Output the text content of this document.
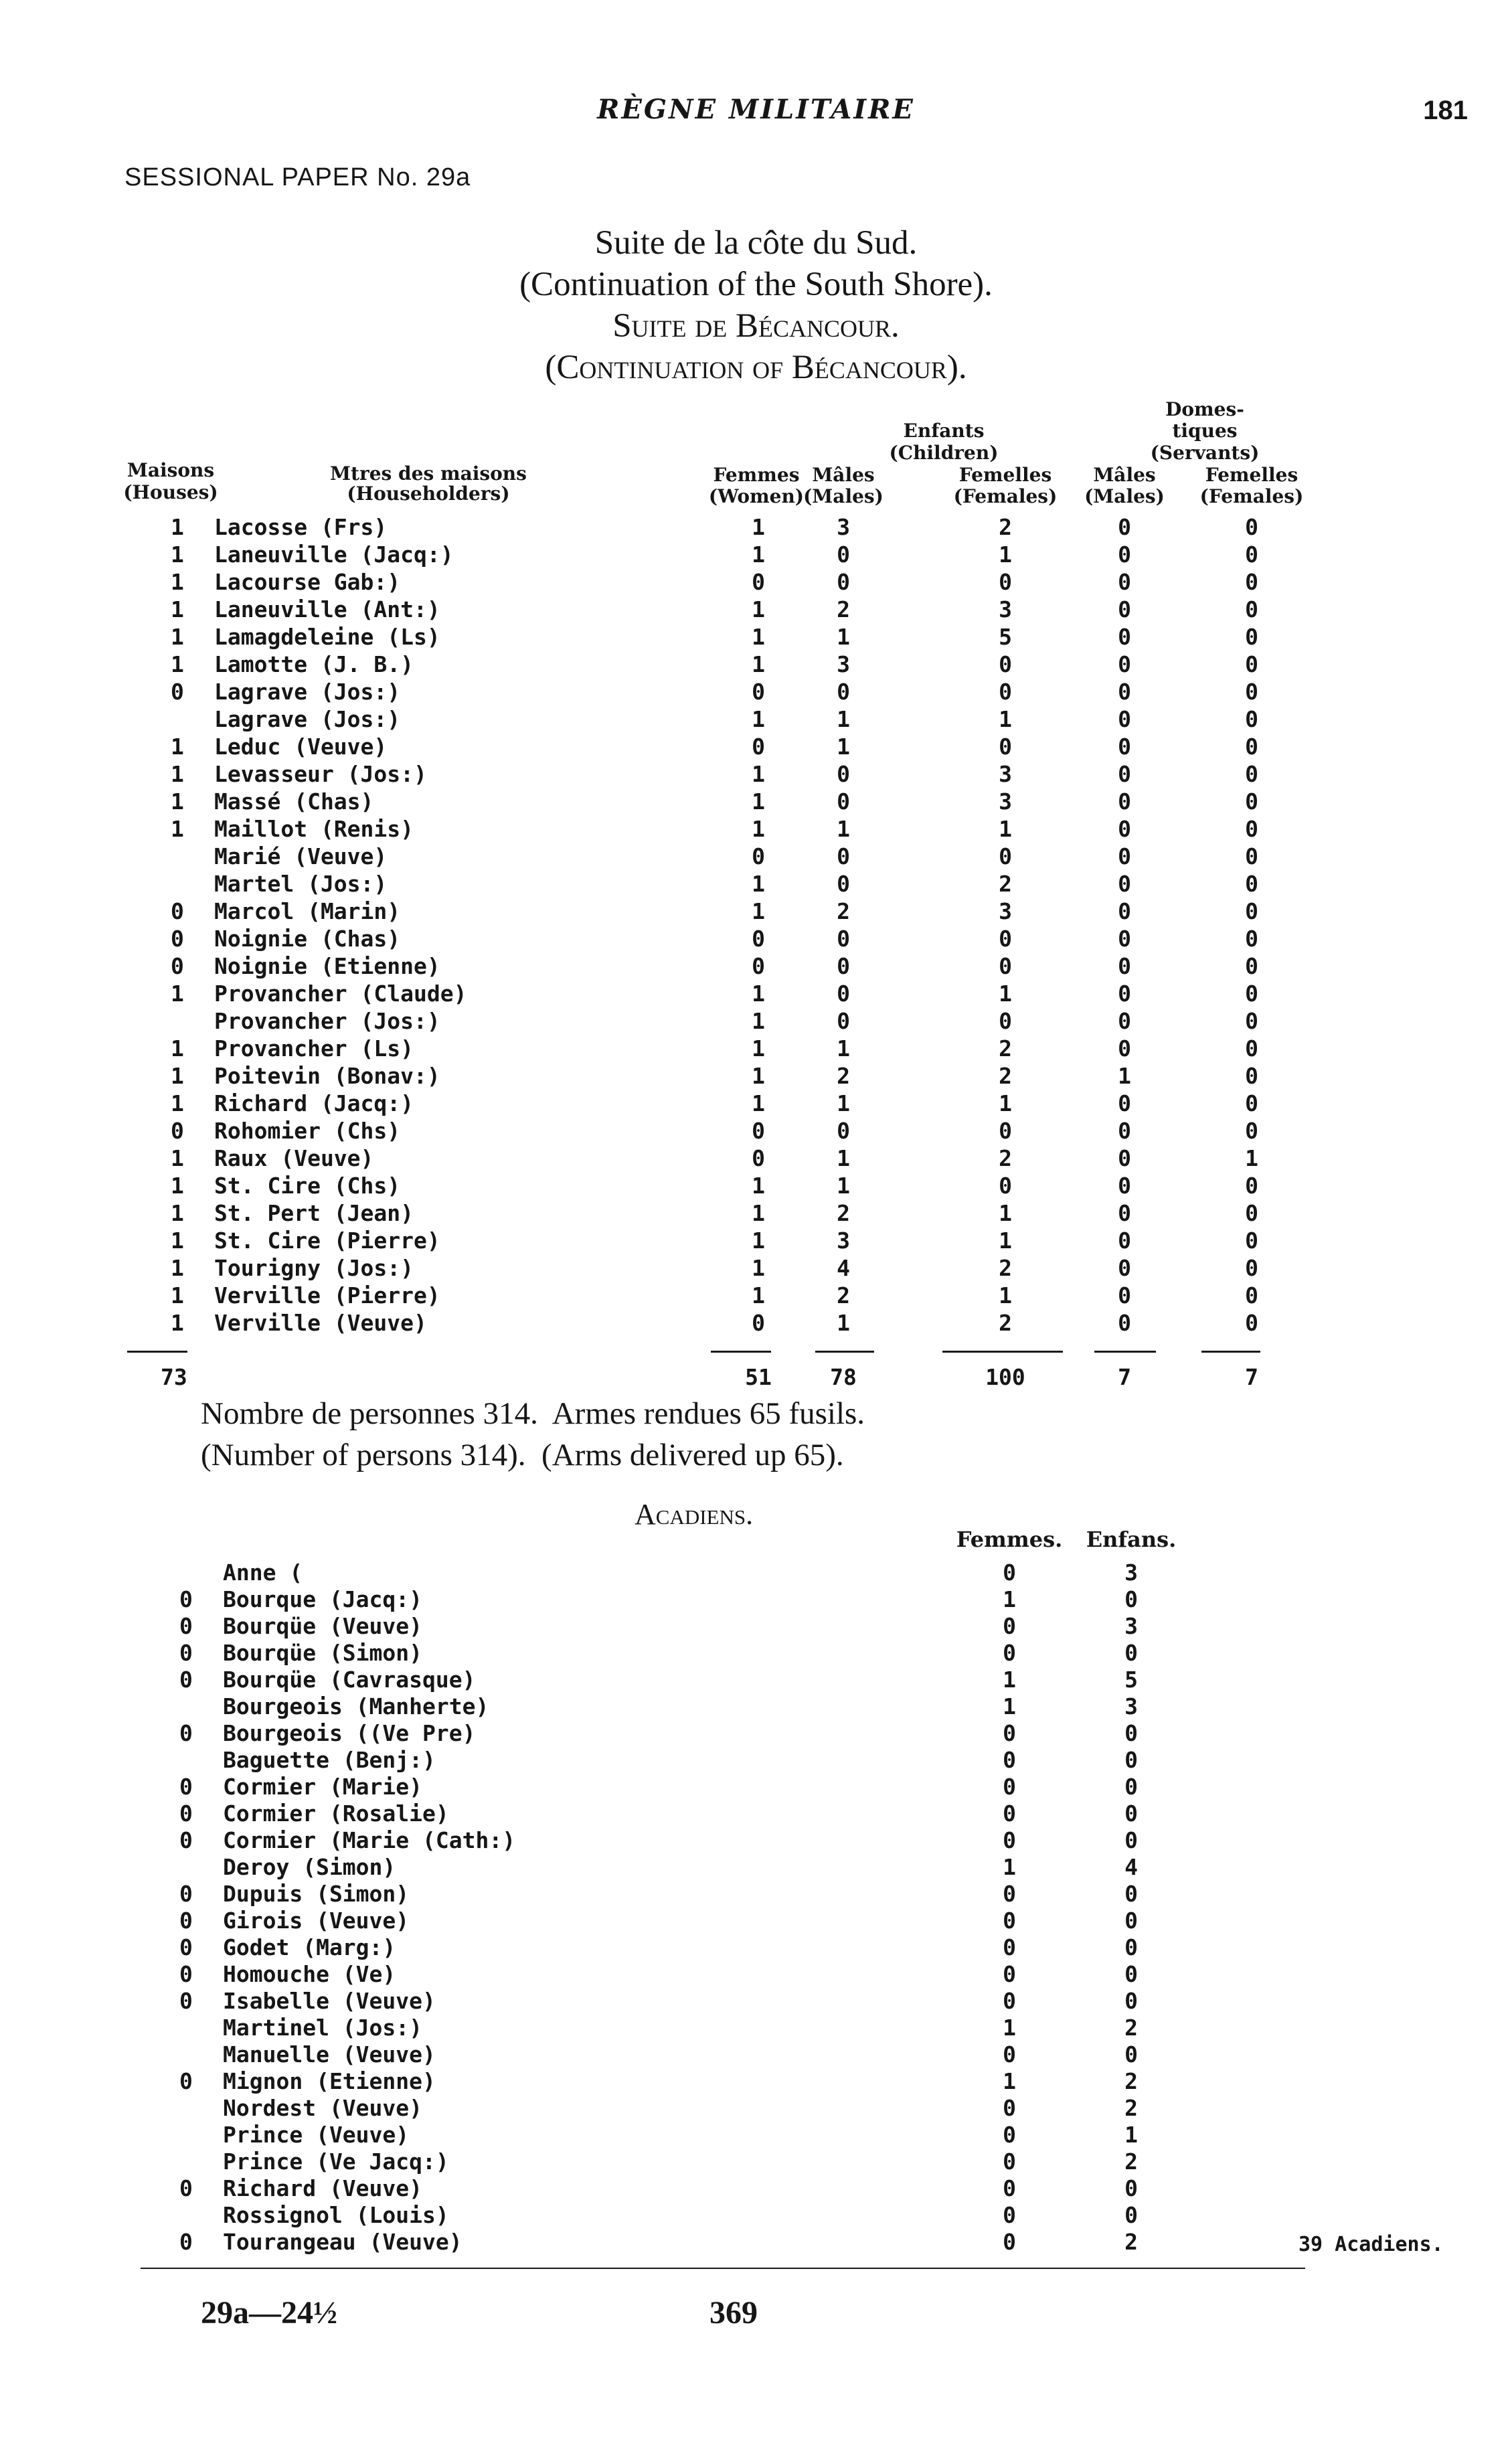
RÈGNE MILITAIRE	181
SESSIONAL PAPER No. 29a
Suite de la côte du Sud.
(Continuation of the South Shore).
Suite de Bécancour.
(Continuation of Bécancour).
Maisons
(Houses)
Mtres des maisons
(Householders)
Femmes
(Women)
Enfants
(Children)
Mâles
(Males)
Femelles
(Females)
Domes-
tiques
(Servants)
Mâles
(Males)
Femelles
(Females)
1 Lacosse (Frs)	1	3	2	0	0
1 Laneuville (Jacq:)	1	0	1	0	0
1 Lacourse Gab:)	0	0	0	0	0
1 Laneuville (Ant:)	1	2	3	0	0
1 Lamagdeleine (Ls)	1	1	5	0	0
1 Lamotte (J. B.)	1	3	0	0	0
0 Lagrave (Jos:)	0	0	0	0	0
Lagrave (Jos:)	1	1	1	0	0
1 Leduc (Veuve)	0	1	0	0	0
1 Levasseur (Jos:)	1	0	3	0	0
1 Massé (Chas)	1	0	3	0	0
1 Maillot (Renis)	1	1	1	0	0
Marié (Veuve)	0	0	0	0	0
Martel (Jos:)	1	0	2	0	0
0 Marcol (Marin)	1	2	3	0	0
0 Noignie (Chas)	0	0	0	0	0
0 Noignie (Etienne)	0	0	0	0	0
1 Provancher (Claude)	1	0	1	0	0
Provancher (Jos:)	1	0	0	0	0
1 Provancher (Ls)	1	1	2	0	0
1 Poitevin (Bonav:)	1	2	2	1	0
1 Richard (Jacq:)	1	1	1	0	0
0 Rohomier (Chs)	0	0	0	0	0
1 Raux (Veuve)	0	1	2	0	1
1 St. Cire (Chs)	1	1	0	0	0
1 St. Pert (Jean)	1	2	1	0	0
1 St. Cire (Pierre)	1	3	1	0	0
1 Tourigny (Jos:)	1	4	2	0	0
1 Verville (Pierre)	1	2	1	0	0
1 Verville (Veuve)	0	1	2	0	0
73	51	78	100	7	7
Nombre de personnes 314.  Armes rendues 65 fusils.
(Number of persons 314).  (Arms delivered up 65).
Acadiens.
Femmes.	Enfans.
Anne (	0	3
0 Bourque (Jacq:)	1	0
0 Bourqüe (Veuve)	0	3
0 Bourqüe (Simon)	0	0
0 Bourqüe (Cavrasque)	1	5
Bourgeois (Manherte)	1	3
0 Bourgeois ((Ve Pre)	0	0
Baguette (Benj:)	0	0
0 Cormier (Marie)	0	0
0 Cormier (Rosalie)	0	0
0 Cormier (Marie (Cath:)	0	0
Deroy (Simon)	1	4
0 Dupuis (Simon)	0	0
0 Girois (Veuve)	0	0
0 Godet (Marg:)	0	0
0 Homouche (Ve)	0	0
0 Isabelle (Veuve)	0	0
Martinel (Jos:)	1	2
Manuelle (Veuve)	0	0
0 Mignon (Etienne)	1	2
Nordest (Veuve)	0	2
Prince (Veuve)	0	1
Prince (Ve Jacq:)	0	2
0 Richard (Veuve)	0	0
Rossignol (Louis)	0	0
0 Tourangeau (Veuve)	0	2	39 Acadiens.
29a—24½	369
